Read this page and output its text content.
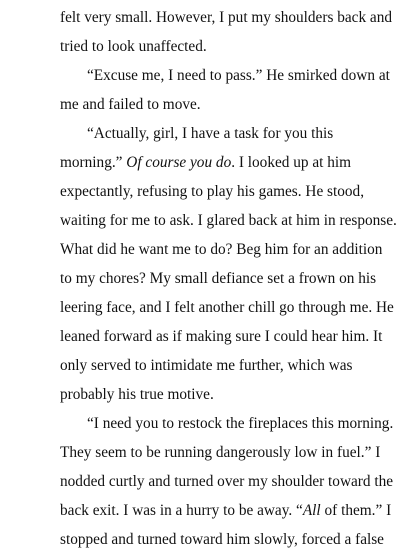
felt very small. However, I put my shoulders back and
tried to look unaffected.
“Excuse me, I need to pass.” He smirked down at
me and failed to move.
“Actually, girl, I have a task for you this
morning.” Of course you do. I looked up at him
expectantly, refusing to play his games. He stood,
waiting for me to ask. I glared back at him in response.
What did he want me to do? Beg him for an addition
to my chores? My small defiance set a frown on his
leering face, and I felt another chill go through me. He
leaned forward as if making sure I could hear him. It
only served to intimidate me further, which was
probably his true motive.
“I need you to restock the fireplaces this morning.
They seem to be running dangerously low in fuel.” I
nodded curtly and turned over my shoulder toward the
back exit. I was in a hurry to be away. “All of them.” I
stopped and turned toward him slowly, forced a false
